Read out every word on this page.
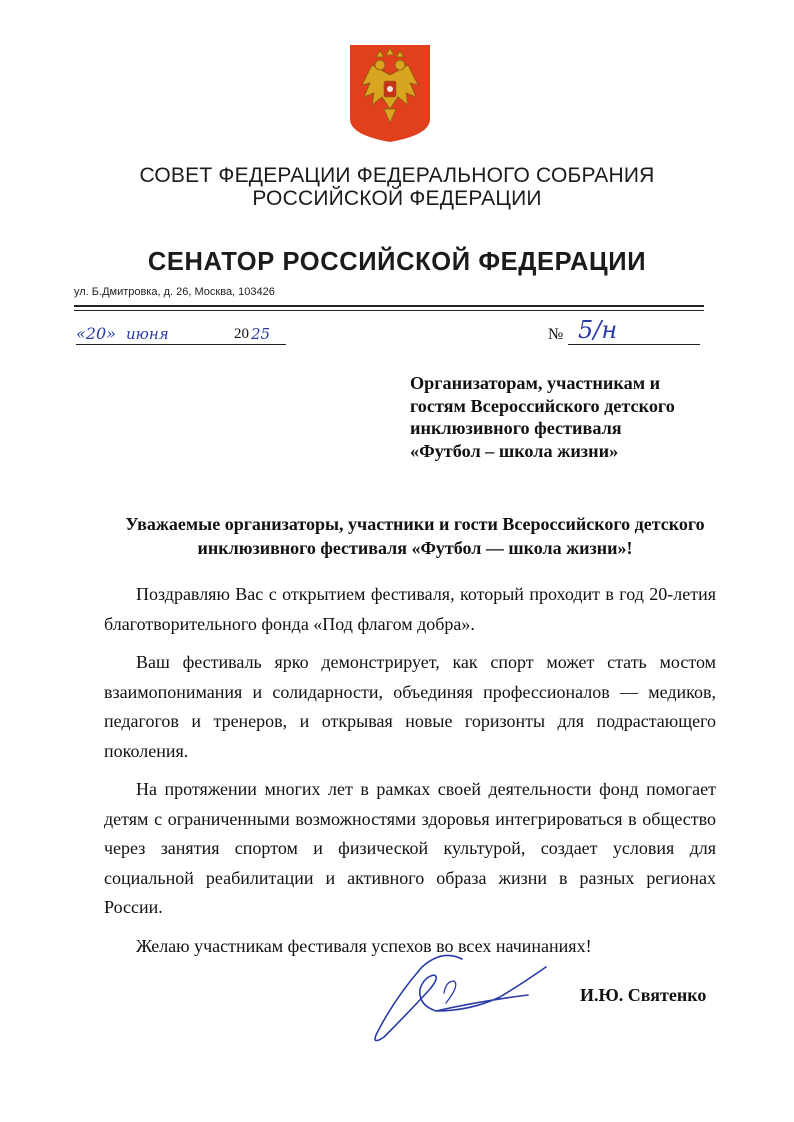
СОВЕТ ФЕДЕРАЦИИ ФЕДЕРАЛЬНОГО СОБРАНИЯ
РОССИЙСКОЙ ФЕДЕРАЦИИ
СЕНАТОР РОССИЙСКОЙ ФЕДЕРАЦИИ
ул. Б.Дмитровка, д. 26, Москва, 103426
«20» июня	20 25	№ 5/н
Организаторам, участникам и
гостям Всероссийского детского
инклюзивного фестиваля
«Футбол – школа жизни»
Уважаемые организаторы, участники и гости Всероссийского детского
инклюзивного фестиваля «Футбол — школа жизни»!

Поздравляю Вас с открытием фестиваля, который проходит в год 20-летия благотворительного фонда «Под флагом добра».

Ваш фестиваль ярко демонстрирует, как спорт может стать мостом взаимопонимания и солидарности, объединяя профессионалов — медиков, педагогов и тренеров, и открывая новые горизонты для подрастающего поколения.

На протяжении многих лет в рамках своей деятельности фонд помогает детям с ограниченными возможностями здоровья интегрироваться в общество через занятия спортом и физической культурой, создает условия для социальной реабилитации и активного образа жизни в разных регионах России.

Желаю участникам фестиваля успехов во всех начинаниях!

И.Ю. Святенко
